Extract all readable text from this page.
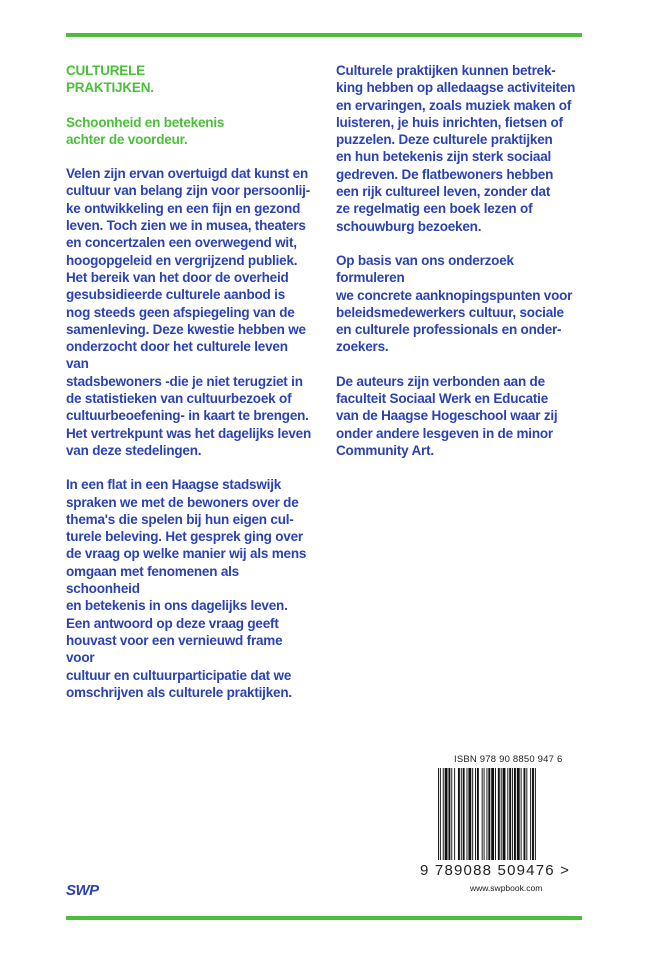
CULTURELE
PRAKTIJKEN.

Schoonheid en betekenis
achter de voordeur.

Velen zijn ervan overtuigd dat kunst en
cultuur van belang zijn voor persoonlij-
ke ontwikkeling en een fijn en gezond
leven. Toch zien we in musea, theaters
en concertzalen een overwegend wit,
hoogopgeleid en vergrijzend publiek.
Het bereik van het door de overheid
gesubsidieerde culturele aanbod is
nog steeds geen afspiegeling van de
samenleving. Deze kwestie hebben we
onderzocht door het culturele leven van
stadsbewoners -die je niet terugziet in
de statistieken van cultuurbezoek of
cultuurbeoefening- in kaart te brengen.
Het vertrekpunt was het dagelijks leven
van deze stedelingen.

In een flat in een Haagse stadswijk
spraken we met de bewoners over de
thema's die spelen bij hun eigen cul-
turele beleving. Het gesprek ging over
de vraag op welke manier wij als mens
omgaan met fenomenen als schoonheid
en betekenis in ons dagelijks leven.
Een antwoord op deze vraag geeft
houvast voor een vernieuwd frame voor
cultuur en cultuurparticipatie dat we
omschrijven als culturele praktijken.

Culturele praktijken kunnen betrek-
king hebben op alledaagse activiteiten
en ervaringen, zoals muziek maken of
luisteren, je huis inrichten, fietsen of
puzzelen. Deze culturele praktijken
en hun betekenis zijn sterk sociaal
gedreven. De flatbewoners hebben
een rijk cultureel leven, zonder dat
ze regelmatig een boek lezen of
schouwburg bezoeken.

Op basis van ons onderzoek formuleren
we concrete aanknopingspunten voor
beleidsmedewerkers cultuur, sociale
en culturele professionals en onder-
zoekers.

De auteurs zijn verbonden aan de
faculteit Sociaal Werk en Educatie
van de Haagse Hogeschool waar zij
onder andere lesgeven in de minor
Community Art.

ISBN 978 90 8850 947 6
9 789088 509476 >
www.swpbook.com
SWP
